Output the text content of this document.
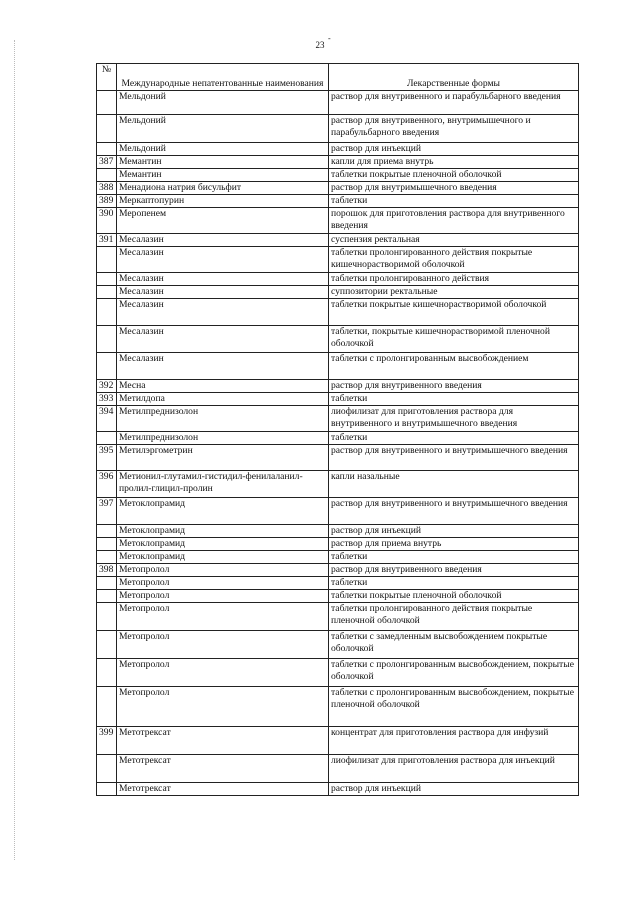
-
23
№	Международные непатентованные наименования	Лекарственные формы
	Мельдоний	раствор для внутривенного и парабульбарного введения
	Мельдоний	раствор для внутривенного, внутримышечного и парабульбарного введения
	Мельдоний	раствор для инъекций
387	Мемантин	капли для приема внутрь
	Мемантин	таблетки покрытые пленочной оболочкой
388	Менадиона натрия бисульфит	раствор для внутримышечного введения
389	Меркаптопурин	таблетки
390	Меропенем	порошок для приготовления раствора для внутривенного введения
391	Месалазин	суспензия ректальная
	Месалазин	таблетки пролонгированного действия покрытые кишечнорастворимой оболочкой
	Месалазин	таблетки пролонгированного действия
	Месалазин	суппозитории ректальные
	Месалазин	таблетки покрытые кишечнорастворимой оболочкой
	Месалазин	таблетки, покрытые кишечнорастворимой пленочной оболочкой
	Месалазин	таблетки с пролонгированным высвобождением
392	Месна	раствор для внутривенного введения
393	Метилдопа	таблетки
394	Метилпреднизолон	лиофилизат для приготовления раствора для внутривенного и внутримышечного введения
	Метилпреднизолон	таблетки
395	Метилэргометрин	раствор для внутривенного и внутримышечного введения
396	Метионил-глутамил-гистидил-фенилаланил-пролил-глицил-пролин	капли назальные
397	Метоклопрамид	раствор для внутривенного и внутримышечного введения
	Метоклопрамид	раствор для инъекций
	Метоклопрамид	раствор для приема внутрь
	Метоклопрамид	таблетки
398	Метопролол	раствор для внутривенного введения
	Метопролол	таблетки
	Метопролол	таблетки покрытые пленочной оболочкой
	Метопролол	таблетки пролонгированного действия покрытые пленочной оболочкой
	Метопролол	таблетки с замедленным высвобождением покрытые оболочкой
	Метопролол	таблетки с пролонгированным высвобождением, покрытые оболочкой
	Метопролол	таблетки с пролонгированным высвобождением, покрытые пленочной оболочкой
399	Метотрексат	концентрат для приготовления раствора для инфузий
	Метотрексат	лиофилизат для приготовления раствора для инъекций
	Метотрексат	раствор для инъекций
